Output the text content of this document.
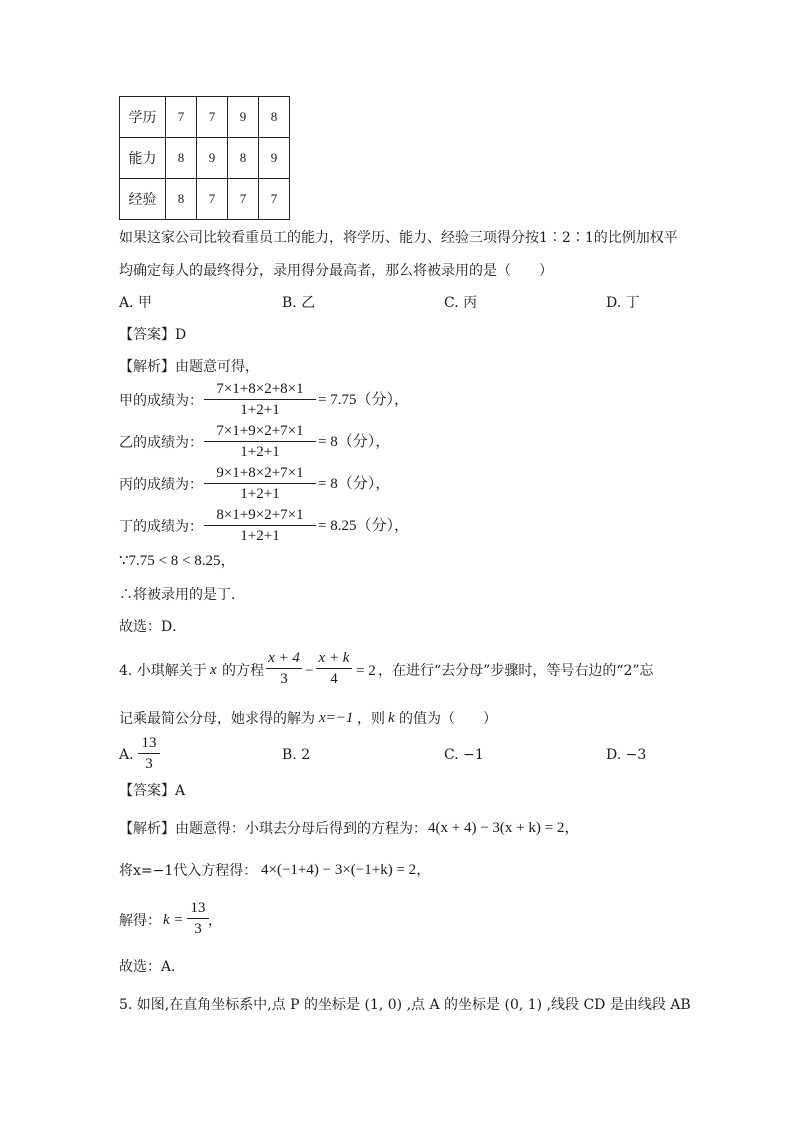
学历	7	7	9	8
能力	8	9	8	9
经验	8	7	7	7
如果这家公司比较看重员工的能力，将学历、能力、经验三项得分按1∶2∶1的比例加权平
均确定每人的最终得分，录用得分最高者，那么将被录用的是（　　）
A. 甲	B. 乙	C. 丙	D. 丁
【答案】D
【解析】由题意可得，
甲的成绩为：
7×1+8×2+8×1
1+2+1
= 7.75（分），
乙的成绩为：
7×1+9×2+7×1
1+2+1
= 8（分），
丙的成绩为：
9×1+8×2+7×1
1+2+1
= 8（分），
丁的成绩为：
8×1+9×2+7×1
1+2+1
= 8.25（分），
∵7.75 < 8 < 8.25，
∴将被录用的是丁．
故选：D．
4. 小琪解关于 x 的方程
x + 4
3	−
x + k
4	= 2 ，在进行“去分母”步骤时，等号右边的“2”忘
记乘最简公分母，她求得的解为 x=−1 ，则 k 的值为（　　）
A.
13
3
B. 2	C. −1	D. −3
【答案】A
【解析】由题意得：小琪去分母后得到的方程为： 4(x + 4) − 3(x + k) = 2，
将x=−1代入方程得： 4×(−1+4) − 3×(−1+k) = 2，
解得： k =
13
3 ，
故选：A．
5. 如图,在直角坐标系中,点 P 的坐标是 (1, 0) ,点 A 的坐标是 (0, 1) ,线段 CD 是由线段 AB
